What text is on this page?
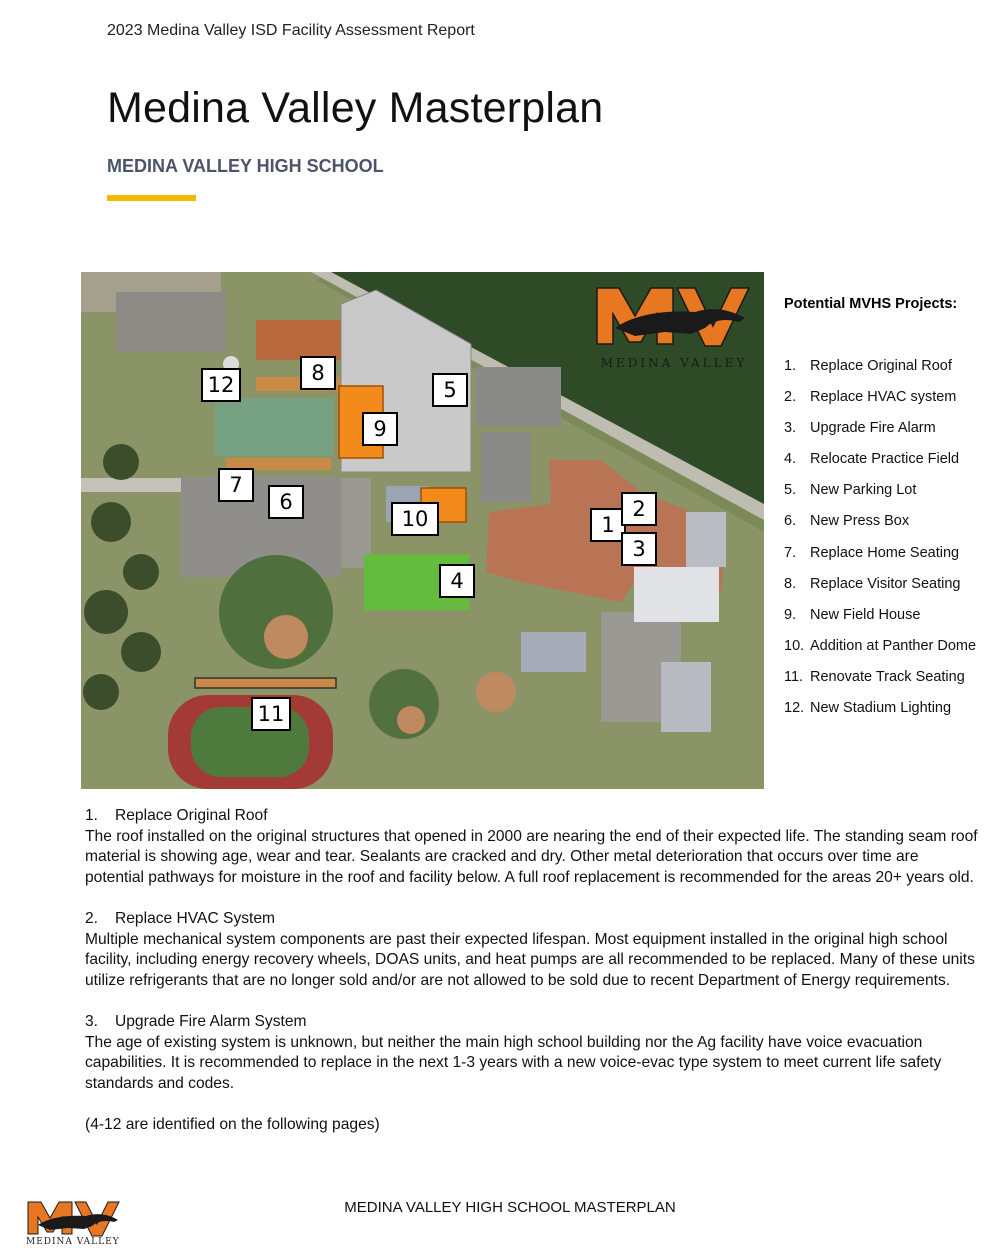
2023 Medina Valley ISD Facility Assessment Report
Medina Valley Masterplan
MEDINA VALLEY HIGH SCHOOL
MEDINA VALLEY
1
2
3
4
5
6
7
8
9
10
11
12
Potential MVHS Projects:
1. Replace Original Roof
2. Replace HVAC system
3. Upgrade Fire Alarm
4. Relocate Practice Field
5. New Parking Lot
6. New Press Box
7. Replace Home Seating
8. Replace Visitor Seating
9. New Field House
10. Addition at Panther Dome
11. Renovate Track Seating
12. New Stadium Lighting
1. Replace Original Roof
The roof installed on the original structures that opened in 2000 are nearing the end of their expected life. The standing seam roof material is showing age, wear and tear. Sealants are cracked and dry. Other metal deterioration that occurs over time are potential pathways for moisture in the roof and facility below. A full roof replacement is recommended for the areas 20+ years old.
2. Replace HVAC System
Multiple mechanical system components are past their expected lifespan. Most equipment installed in the original high school facility, including energy recovery wheels, DOAS units, and heat pumps are all recommended to be replaced. Many of these units utilize refrigerants that are no longer sold and/or are not allowed to be sold due to recent Department of Energy requirements.
3. Upgrade Fire Alarm System
The age of existing system is unknown, but neither the main high school building nor the Ag facility have voice evacuation capabilities. It is recommended to replace in the next 1-3 years with a new voice-evac type system to meet current life safety standards and codes.
(4-12 are identified on the following pages)
MEDINA VALLEY
MEDINA VALLEY HIGH SCHOOL MASTERPLAN
